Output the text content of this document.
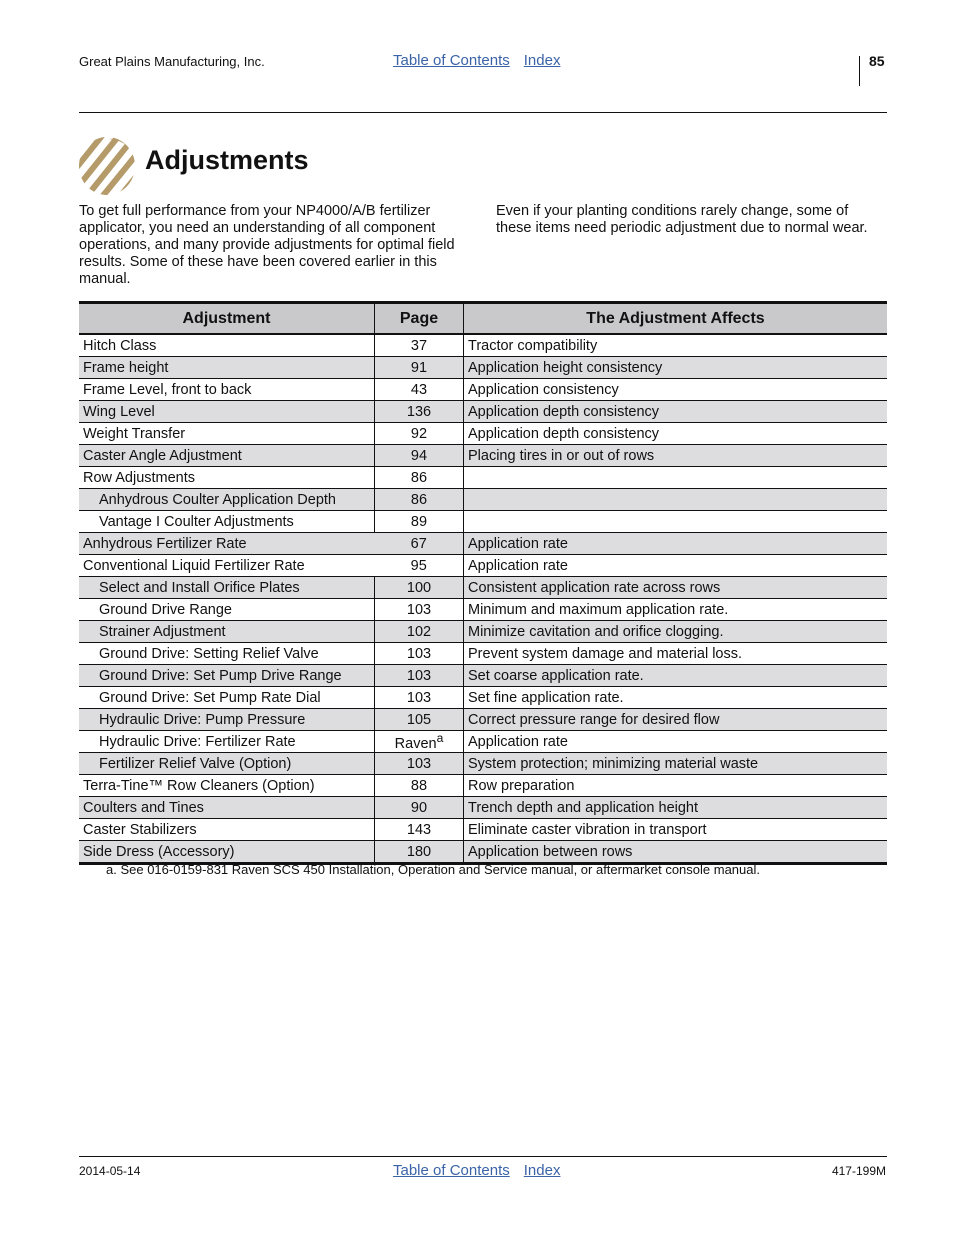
Great Plains Manufacturing, Inc.	Table of Contents Index	85
Adjustments
To get full performance from your NP4000/A/B fertilizer applicator, you need an understanding of all component operations, and many provide adjustments for optimal field results. Some of these have been covered earlier in this manual.
Even if your planting conditions rarely change, some of these items need periodic adjustment due to normal wear.
Adjustment	Page	The Adjustment Affects
Hitch Class	37	Tractor compatibility
Frame height	91	Application height consistency
Frame Level, front to back	43	Application consistency
Wing Level	136	Application depth consistency
Weight Transfer	92	Application depth consistency
Caster Angle Adjustment	94	Placing tires in or out of rows
Row Adjustments	86	
Anhydrous Coulter Application Depth	86	
Vantage I Coulter Adjustments	89	
Anhydrous Fertilizer Rate	67	Application rate
Conventional Liquid Fertilizer Rate	95	Application rate
Select and Install Orifice Plates	100	Consistent application rate across rows
Ground Drive Range	103	Minimum and maximum application rate.
Strainer Adjustment	102	Minimize cavitation and orifice clogging.
Ground Drive: Setting Relief Valve	103	Prevent system damage and material loss.
Ground Drive: Set Pump Drive Range	103	Set coarse application rate.
Ground Drive: Set Pump Rate Dial	103	Set fine application rate.
Hydraulic Drive: Pump Pressure	105	Correct pressure range for desired flow
Hydraulic Drive: Fertilizer Rate	Raven$^a$	Application rate
Fertilizer Relief Valve (Option)	103	System protection; minimizing material waste
Terra-Tine™ Row Cleaners (Option)	88	Row preparation
Coulters and Tines	90	Trench depth and application height
Caster Stabilizers	143	Eliminate caster vibration in transport
Side Dress (Accessory)	180	Application between rows
a. See 016-0159-831 Raven SCS 450 Installation, Operation and Service manual, or aftermarket console manual.
2014-05-14	Table of Contents Index	417-199M
